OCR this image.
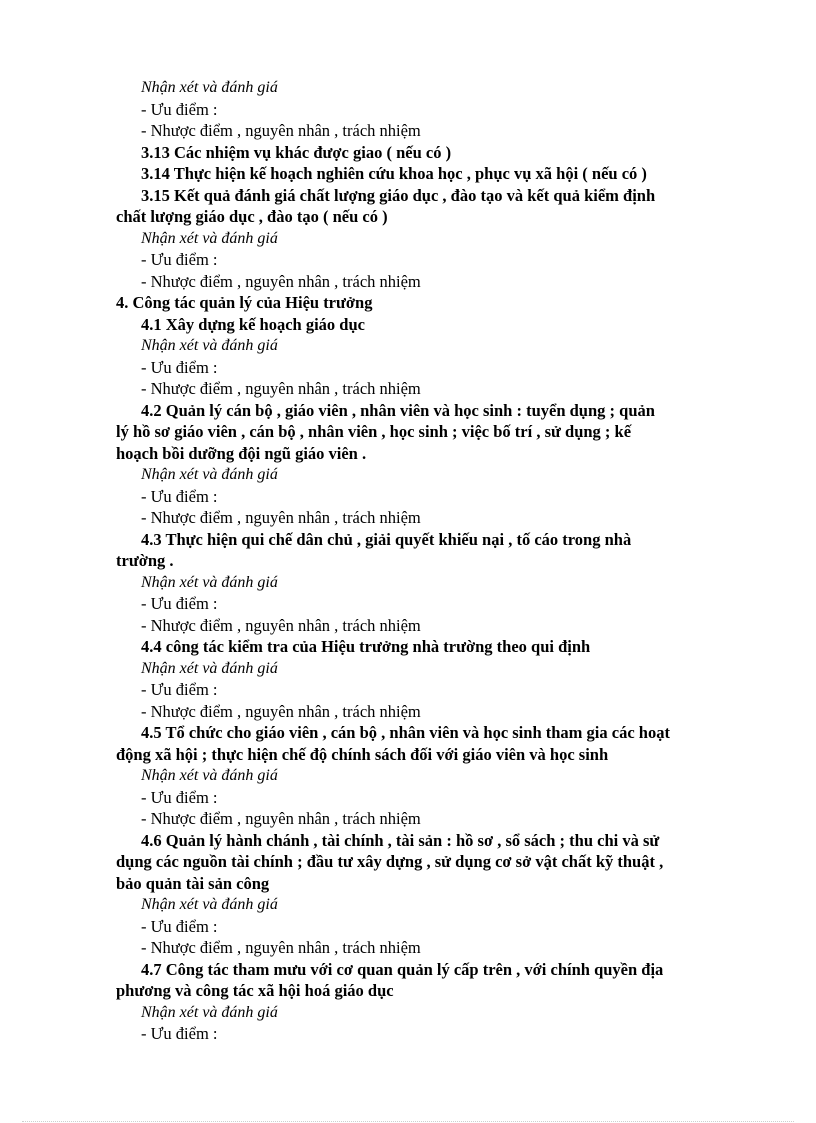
Nhận xét và đánh giá
- Ưu điểm :
- Nhược điểm , nguyên nhân , trách nhiệm
3.13 Các nhiệm vụ khác được giao ( nếu có )
3.14 Thực hiện kế hoạch nghiên cứu khoa học , phục vụ xã hội ( nếu có )
3.15 Kết quả đánh giá chất lượng giáo dục , đào tạo và kết quả kiểm định
chất lượng giáo dục , đào tạo ( nếu có )
Nhận xét và đánh giá
- Ưu điểm :
- Nhược điểm , nguyên nhân , trách nhiệm
4. Công tác quản lý của Hiệu trưởng
4.1 Xây dựng kế hoạch giáo dục
Nhận xét và đánh giá
- Ưu điểm :
- Nhược điểm , nguyên nhân , trách nhiệm
4.2 Quản lý cán bộ , giáo viên , nhân viên và học sinh : tuyển dụng ; quản
lý hồ sơ giáo viên , cán bộ , nhân viên , học sinh ; việc bố trí , sử dụng ; kế
hoạch bồi dưỡng đội ngũ giáo viên .
Nhận xét và đánh giá
- Ưu điểm :
- Nhược điểm , nguyên nhân , trách nhiệm
4.3 Thực hiện qui chế dân chủ , giải quyết khiếu nại , tố cáo trong nhà
trường .
Nhận xét và đánh giá
- Ưu điểm :
- Nhược điểm , nguyên nhân , trách nhiệm
4.4 công tác kiểm tra của Hiệu trưởng nhà trường theo qui định
Nhận xét và đánh giá
- Ưu điểm :
- Nhược điểm , nguyên nhân , trách nhiệm
4.5 Tổ chức cho giáo viên , cán bộ , nhân viên và học sinh tham gia các hoạt
động xã hội ; thực hiện chế độ chính sách đối với giáo viên và học sinh
Nhận xét và đánh giá
- Ưu điểm :
- Nhược điểm , nguyên nhân , trách nhiệm
4.6 Quản lý hành chánh , tài chính , tài sản : hồ sơ , sổ sách ; thu chi và sử
dụng các nguồn tài chính ; đầu tư xây dựng , sử dụng cơ sở vật chất kỹ thuật ,
bảo quản tài sản công
Nhận xét và đánh giá
- Ưu điểm :
- Nhược điểm , nguyên nhân , trách nhiệm
4.7 Công tác tham mưu với cơ quan quản lý cấp trên , với chính quyền địa
phương và công tác xã hội hoá giáo dục
Nhận xét và đánh giá
- Ưu điểm :
